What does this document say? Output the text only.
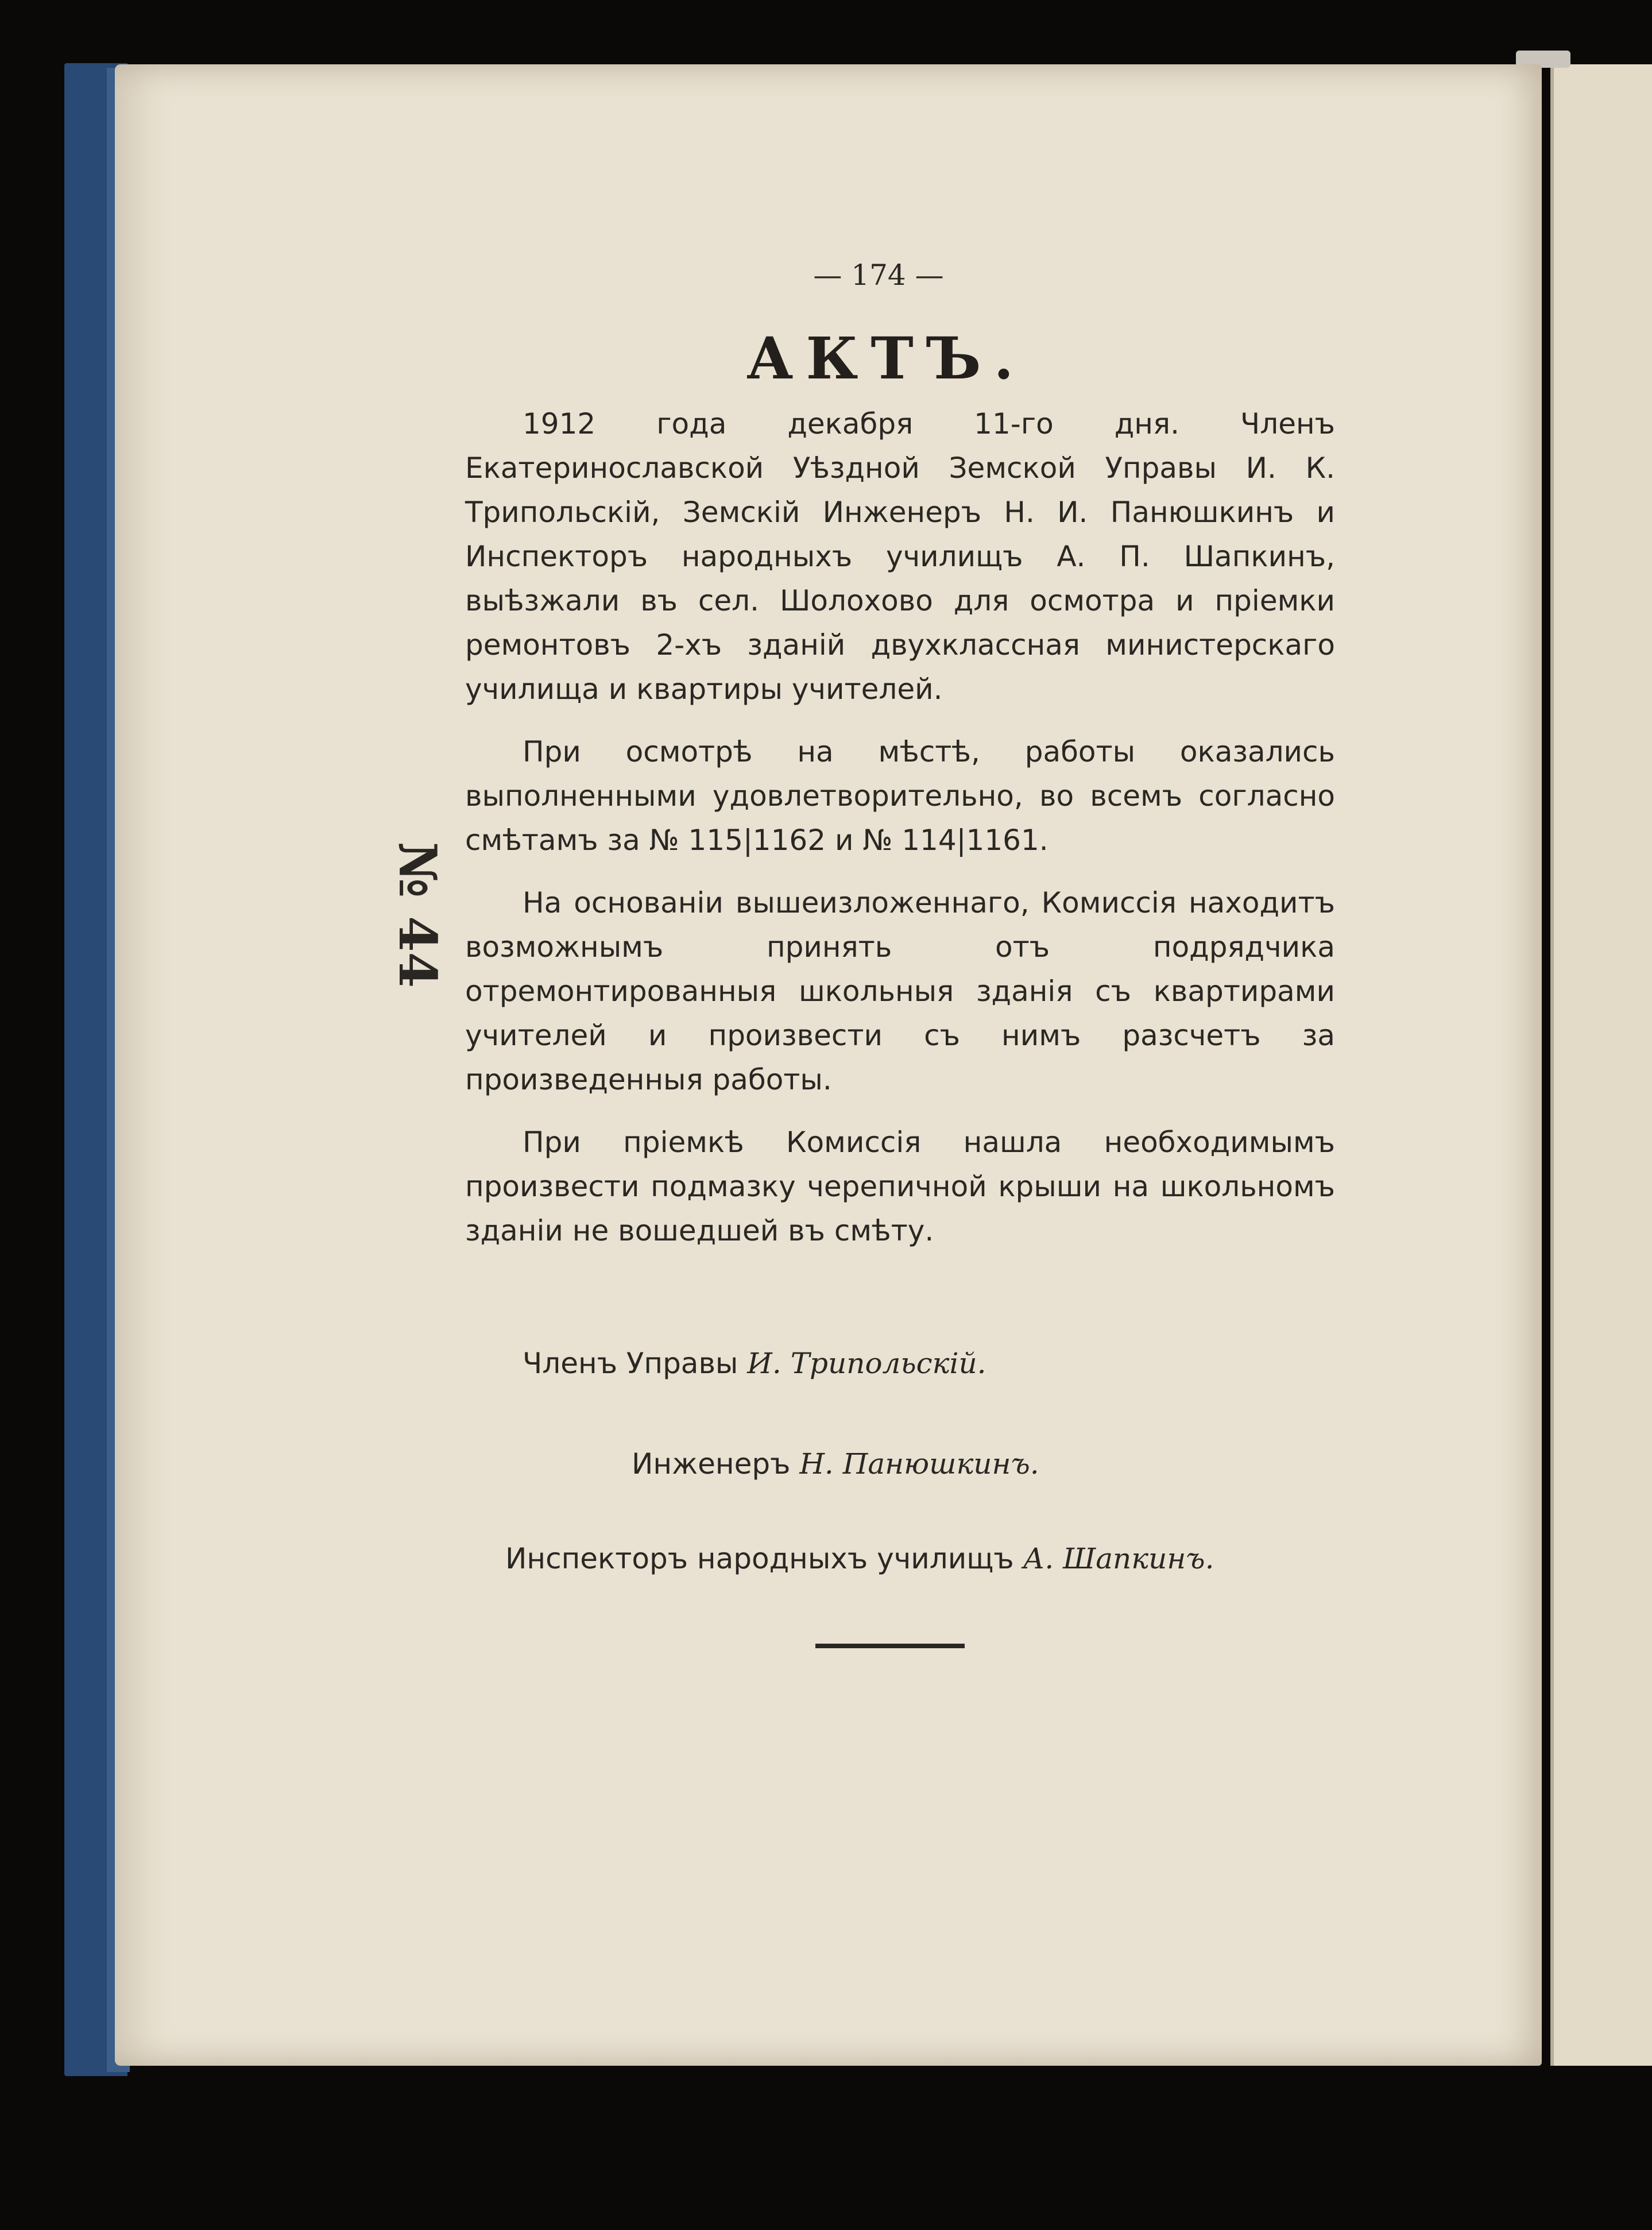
— 174 —
АКТЪ.
№ 44

1912 года декабря 11-го дня. Членъ Екатеринославской Уѣздной Земской Управы И. К. Трипольскій, Земскій Инженеръ Н. И. Панюшкинъ и Инспекторъ народныхъ училищъ А. П. Шапкинъ, выѣзжали въ сел. Шолохово для осмотра и пріемки ремонтовъ 2-хъ зданій двухклассная министерскаго училища и квартиры учителей.

При осмотрѣ на мѣстѣ, работы оказались выполненными удовлетворительно, во всемъ согласно смѣтамъ за № 115|1162 и № 114|1161.

На основаніи вышеизложеннаго, Комиссія находитъ возможнымъ принять отъ подрядчика отремонтированныя школьныя зданія съ квартирами учителей и произвести съ нимъ разсчетъ за произведенныя работы.

При пріемкѣ Комиссія нашла необходимымъ произвести подмазку черепичной крыши на школьномъ зданіи не вошедшей въ смѣту.

Членъ Управы И. Трипольскій.
Инженеръ Н. Панюшкинъ.
Инспекторъ народныхъ училищъ А. Шапкинъ.
